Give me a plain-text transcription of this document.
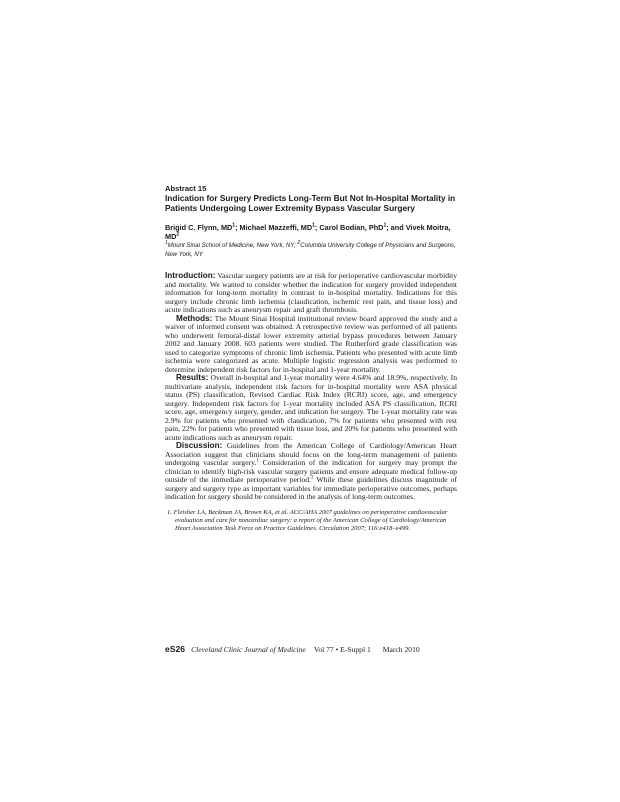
Abstract 15

Indication for Surgery Predicts Long-Term But Not In-Hospital Mortality in Patients Undergoing Lower Extremity Bypass Vascular Surgery

Brigid C. Flynn, $MD^1$; Michael Mazzeffi, $MD^1$; Carol Bodian, PhD$^1$; and Vivek Moitra, $MD^2$

$^1$Mount Sinai School of Medicine, New York, NY; $^2$Columbia University College of Physicians and Surgeons, New York, NY

Introduction: Vascular surgery patients are at risk for perioperative cardiovascular morbidity and mortality. We wanted to consider whether the indication for surgery provided independent information for long-term mortality in contrast to in-hospital mortality. Indications for this surgery include chronic limb ischemia (claudication, ischemic rest pain, and tissue loss) and acute indications such as aneurysm repair and graft thrombosis.

Methods: The Mount Sinai Hospital institutional review board approved the study and a waiver of informed consent was obtained. A retrospective review was performed of all patients who underwent femoral-distal lower extremity arterial bypass procedures between January 2002 and January 2008. 603 patients were studied. The Rutherford grade classification was used to categorize symptoms of chronic limb ischemia. Patients who presented with acute limb ischemia were categorized as acute. Multiple logistic regression analysis was performed to determine independent risk factors for in-hospital and 1-year mortality.

Results: Overall in-hospital and 1-year mortality were 4.64% and 18.9%, respectively. In multivariate analysis, independent risk factors for in-hospital mortality were ASA physical status (PS) classification, Revised Cardiac Risk Index (RCRI) score, age, and emergency surgery. Independent risk factors for 1-year mortality included ASA PS classification, RCRI score, age, emergency surgery, gender, and indication for surgery. The 1-year mortality rate was 2.9% for patients who presented with claudication, 7% for patients who presented with rest pain, 22% for patients who presented with tissue loss, and 20% for patients who presented with acute indications such as aneurysm repair.

Discussion: Guidelines from the American College of Cardiology/American Heart Association suggest that clinicians should focus on the long-term management of patients undergoing vascular surgery.$^1$ Consideration of the indication for surgery may prompt the clinician to identify high-risk vascular surgery patients and ensure adequate medical follow-up outside of the immediate perioperative period.$^2$ While these guidelines discuss magnitude of surgery and surgery type as important variables for immediate perioperative outcomes, perhaps indication for surgery should be considered in the analysis of long-term outcomes.

1. Fleisher LA, Beckman JA, Brown KA, et al. ACC/AHA 2007 guidelines on perioperative cardiovascular evaluation and care for noncardiac surgery: a report of the American College of Cardiology/American Heart Association Task Force on Practice Guidelines. Circulation 2007; 116:e418–e499.
eS26 Cleveland Clinic Journal of Medicine Vol 77 • E-Suppl 1 March 2010
